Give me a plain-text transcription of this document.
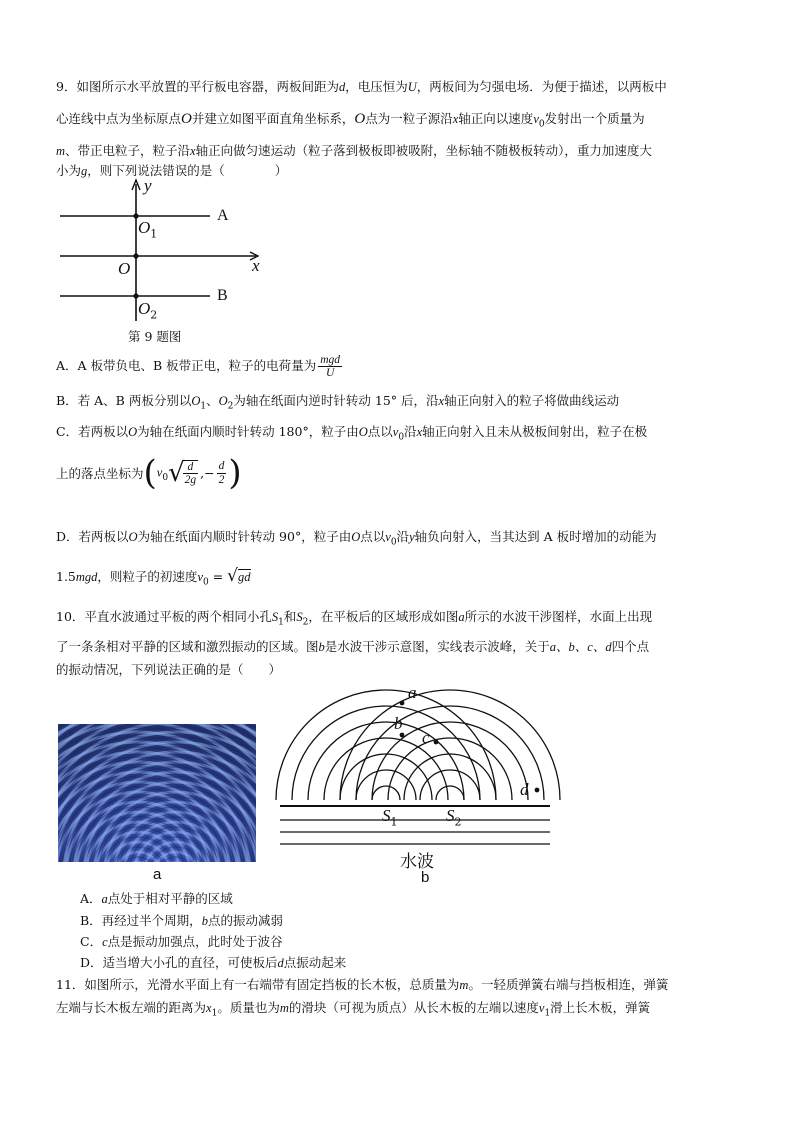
9．如图所示水平放置的平行板电容器，两板间距为d，电压恒为U，两板间为匀强电场．为便于描述，以两板中
心连线中点为坐标原点O并建立如图平面直角坐标系，O点为一粒子源沿x轴正向以速度$v_0$发射出一个质量为
m、带正电粒子，粒子沿x轴正向做匀速运动（粒子落到极板即被吸附，坐标轴不随极板转动），重力加速度大
小为g，则下列说法错误的是（　　　　）
y
x
$O_1$
O
$O_2$
A
B
第 9 题图
A．A 板带负电、B 板带正电，粒子的电荷量为 $\frac{\text{mgd}}{U}$
B．若 A、B 两板分别以$O_1$、$O_2$为轴在纸面内逆时针转动 15° 后，沿x轴正向射入的粒子将做曲线运动
C．若两板以O为轴在纸面内顺时针转动 180°，粒子由O点以$v_0$沿x轴正向射入且未从极板间射出，粒子在极
上的落点坐标为($v_0√$
$\frac{d}{2g}$ ,− $\frac{d}{2}$ )
D．若两板以O为轴在纸面内顺时针转动 90°，粒子由O点以$v_0$沿y轴负向射入，当其达到 A 板时增加的动能为
1.5mgd，则粒子的初速度$v_0 = √gd$
10．平直水波通过平板的两个相同小孔$S_1$和$S_2$，在平板后的区域形成如图a所示的水波干涉图样，水面上出现
了一条条相对平静的区域和激烈振动的区域。图b是水波干涉示意图，实线表示波峰，关于a、b、c、d四个点
的振动情况，下列说法正确的是（　　）
a
a
b
c
d
$S_1$	$S_2$
水波
b
A．a点处于相对平静的区域
B．再经过半个周期，b点的振动减弱
C．c点是振动加强点，此时处于波谷
D．适当增大小孔的直径，可使板后d点振动起来
11．如图所示，光滑水平面上有一右端带有固定挡板的长木板，总质量为m。一轻质弹簧右端与挡板相连，弹簧
左端与长木板左端的距离为$x_1$。质量也为m的滑块（可视为质点）从长木板的左端以速度$v_1$滑上长木板，弹簧
